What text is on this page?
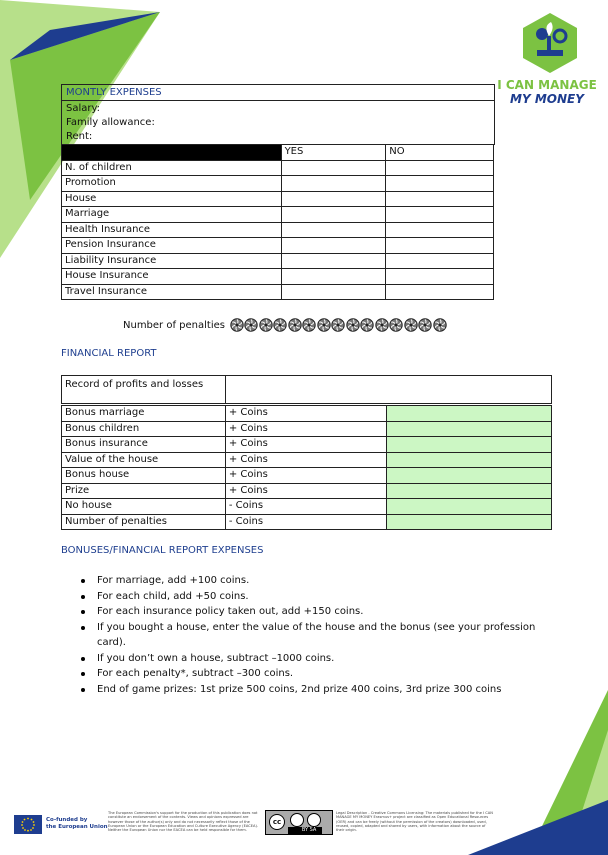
I CAN MANAGE
MY MONEY
MONTLY EXPENSES
Salary:
Family allowance:
Rent:
	YES	NO
N. of children		
Promotion		
House		
Marriage		
Health Insurance		
Pension Insurance		
Liability Insurance		
House Insurance		
Travel Insurance		
Number of penalties
FINANCIAL REPORT
Record of profits and losses	
Bonus marriage	+ Coins	
Bonus children	+ Coins	
Bonus insurance	+ Coins	
Value of the house	+ Coins	
Bonus house	+ Coins	
Prize	+ Coins	
No house	- Coins	
Number of penalties	- Coins	
BONUSES/FINANCIAL REPORT EXPENSES
For marriage, add +100 coins.
For each child, add +50 coins.
For each insurance policy taken out, add +150 coins.
If you bought a house, enter the value of the house and the bonus (see your profession card).
If you don’t own a house, subtract –1000 coins.
For each penalty*, subtract –300 coins.
End of game prizes: 1st prize 500 coins, 2nd prize 400 coins, 3rd prize 300 coins
Co-funded by
the European Union
The European Commission's support for the production of this publication does not constitute an endorsement of the contents. Views and opinions expressed are however those of the author(s) only and do not necessarily reflect those of the European Union or the European Education and Culture Executive Agency (EACEA). Neither the European Union nor the EACEA can be held responsible for them.
cc
BY SA
Legal Description - Creative Commons Licensing: The materials published for the I CAN MANAGE MY MONEY Erasmus+ project are classified as Open Educational Resources (OER) and can be freely (without the permission of the creators) downloaded, used, reused, copied, adapted and shared by users, with information about the source of their origin.
